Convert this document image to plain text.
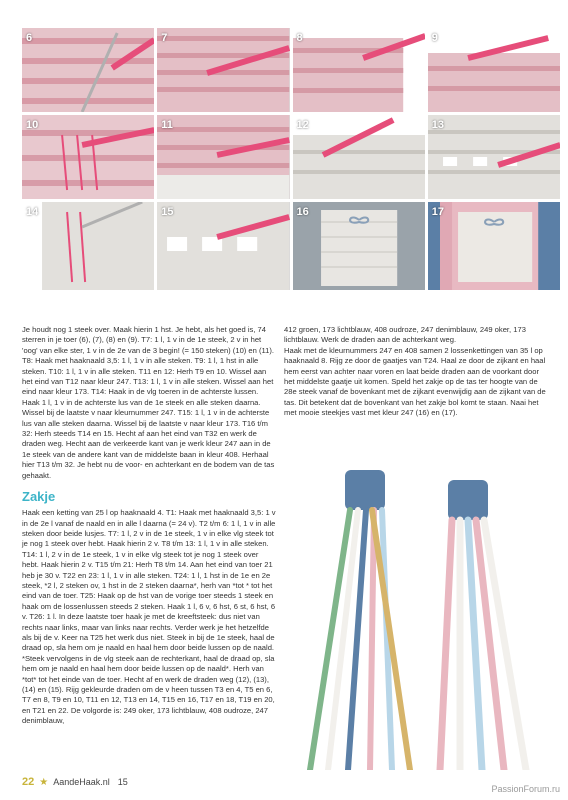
6	7	8	9
10	11	12	13
14	15	16	17

Je houdt nog 1 steek over. Maak hierin 1 hst. Je hebt, als het goed is, 74 sterren in je toer (6), (7), (8) en (9). T7: 1 l, 1 v in de 1e steek, 2 v in het 'oog' van elke ster, 1 v in de 2e van de 3 begin! (= 150 steken) (10) en (11). T8: Haak met haaknaald 3,5: 1 l, 1 v in alle steken. T9: 1 l, 1 hst in alle steken. T10: 1 l, 1 v in alle steken. T11 en 12: Herh T9 en 10. Wissel aan het eind van T12 naar kleur 247. T13: 1 l, 1 v in alle steken. Wissel aan het eind naar kleur 173. T14: Haak in de vlg toeren in de achterste lussen. Haak 1 l, 1 v in de achterste lus van de 1e steek en alle steken daarna. Wissel bij de laatste v naar kleurnummer 247. T15: 1 l, 1 v in de achterste lus van alle steken daarna. Wissel bij de laatste v naar kleur 173. T16 t/m 32: Herh steeds T14 en 15. Hecht af aan het eind van T32 en werk de draden weg. Hecht aan de verkeerde kant van je werk kleur 247 aan in de 1e steek van de andere kant van de middelste baan in kleur 408. Herhaal hier T13 t/m 32. Je hebt nu de voor- en achterkant en de bodem van de tas gehaakt.

Zakje

Haak een ketting van 25 l op haaknaald 4. T1: Haak met haaknaald 3,5: 1 v in de 2e l vanaf de naald en in alle l daarna (= 24 v). T2 t/m 6: 1 l, 1 v in alle steken door beide lusjes. T7: 1 l, 2 v in de 1e steek, 1 v in elke vlg steek tot je nog 1 steek over hebt. Haak hierin 2 v. T8 t/m 13: 1 l, 1 v in alle steken. T14: 1 l, 2 v in de 1e steek, 1 v in elke vlg steek tot je nog 1 steek over hebt. Haak hierin 2 v. T15 t/m 21: Herh T8 t/m 14. Aan het eind van toer 21 heb je 30 v. T22 en 23: 1 l, 1 v in alle steken. T24: 1 l, 1 hst in de 1e en 2e steek, *2 l, 2 steken ov, 1 hst in de 2 steken daarna*, herh van *tot * tot het eind van de toer. T25: Haak op de hst van de vorige toer steeds 1 steek en haak om de lossenlussen steeds 2 steken. Haak 1 l, 6 v, 6 hst, 6 st, 6 hst, 6 v. T26: 1 l. In deze laatste toer haak je met de kreeftsteek: dus niet van rechts naar links, maar van links naar rechts. Verder werk je het hetzelfde als bij de v. Keer na T25 het werk dus niet. Steek in bij de 1e steek, haal de draad op, sla hem om je naald en haal hem door beide lussen op de naald. *Steek vervolgens in de vlg steek aan de rechterkant, haal de draad op, sla hem om je naald en haal hem door beide lussen op de naald*. Herh van *tot* tot het einde van de toer. Hecht af en werk de draden weg (12), (13), (14) en (15). Rijg gekleurde draden om de v heen tussen T3 en 4, T5 en 6, T7 en 8, T9 en 10, T11 en 12, T13 en 14, T15 en 16, T17 en 18, T19 en 20, en T21 en 22. De volgorde is: 249 oker, 173 lichtblauw, 408 oudroze, 247 denimblauw,

412 groen, 173 lichtblauw, 408 oudroze, 247 denimblauw, 249 oker, 173 lichtblauw. Werk de draden aan de achterkant weg.

Haak met de kleurnummers 247 en 408 samen 2 lossenkettingen van 35 l op haaknaald 8. Rijg ze door de gaatjes van T24. Haal ze door de zijkant en haal hem eerst van achter naar voren en laat beide draden aan de voorkant door het middelste gaatje uit komen. Speld het zakje op de tas ter hoogte van de 28e steek vanaf de bovenkant met de zijkant evenwijdig aan de zijkant van de tas. Dit betekent dat de bovenkant van het zakje bol komt te staan. Naai het met mooie steekjes vast met kleur 247 (16) en (17).

22 ★ AandeHaak.nl 15
PassionForum.ru
